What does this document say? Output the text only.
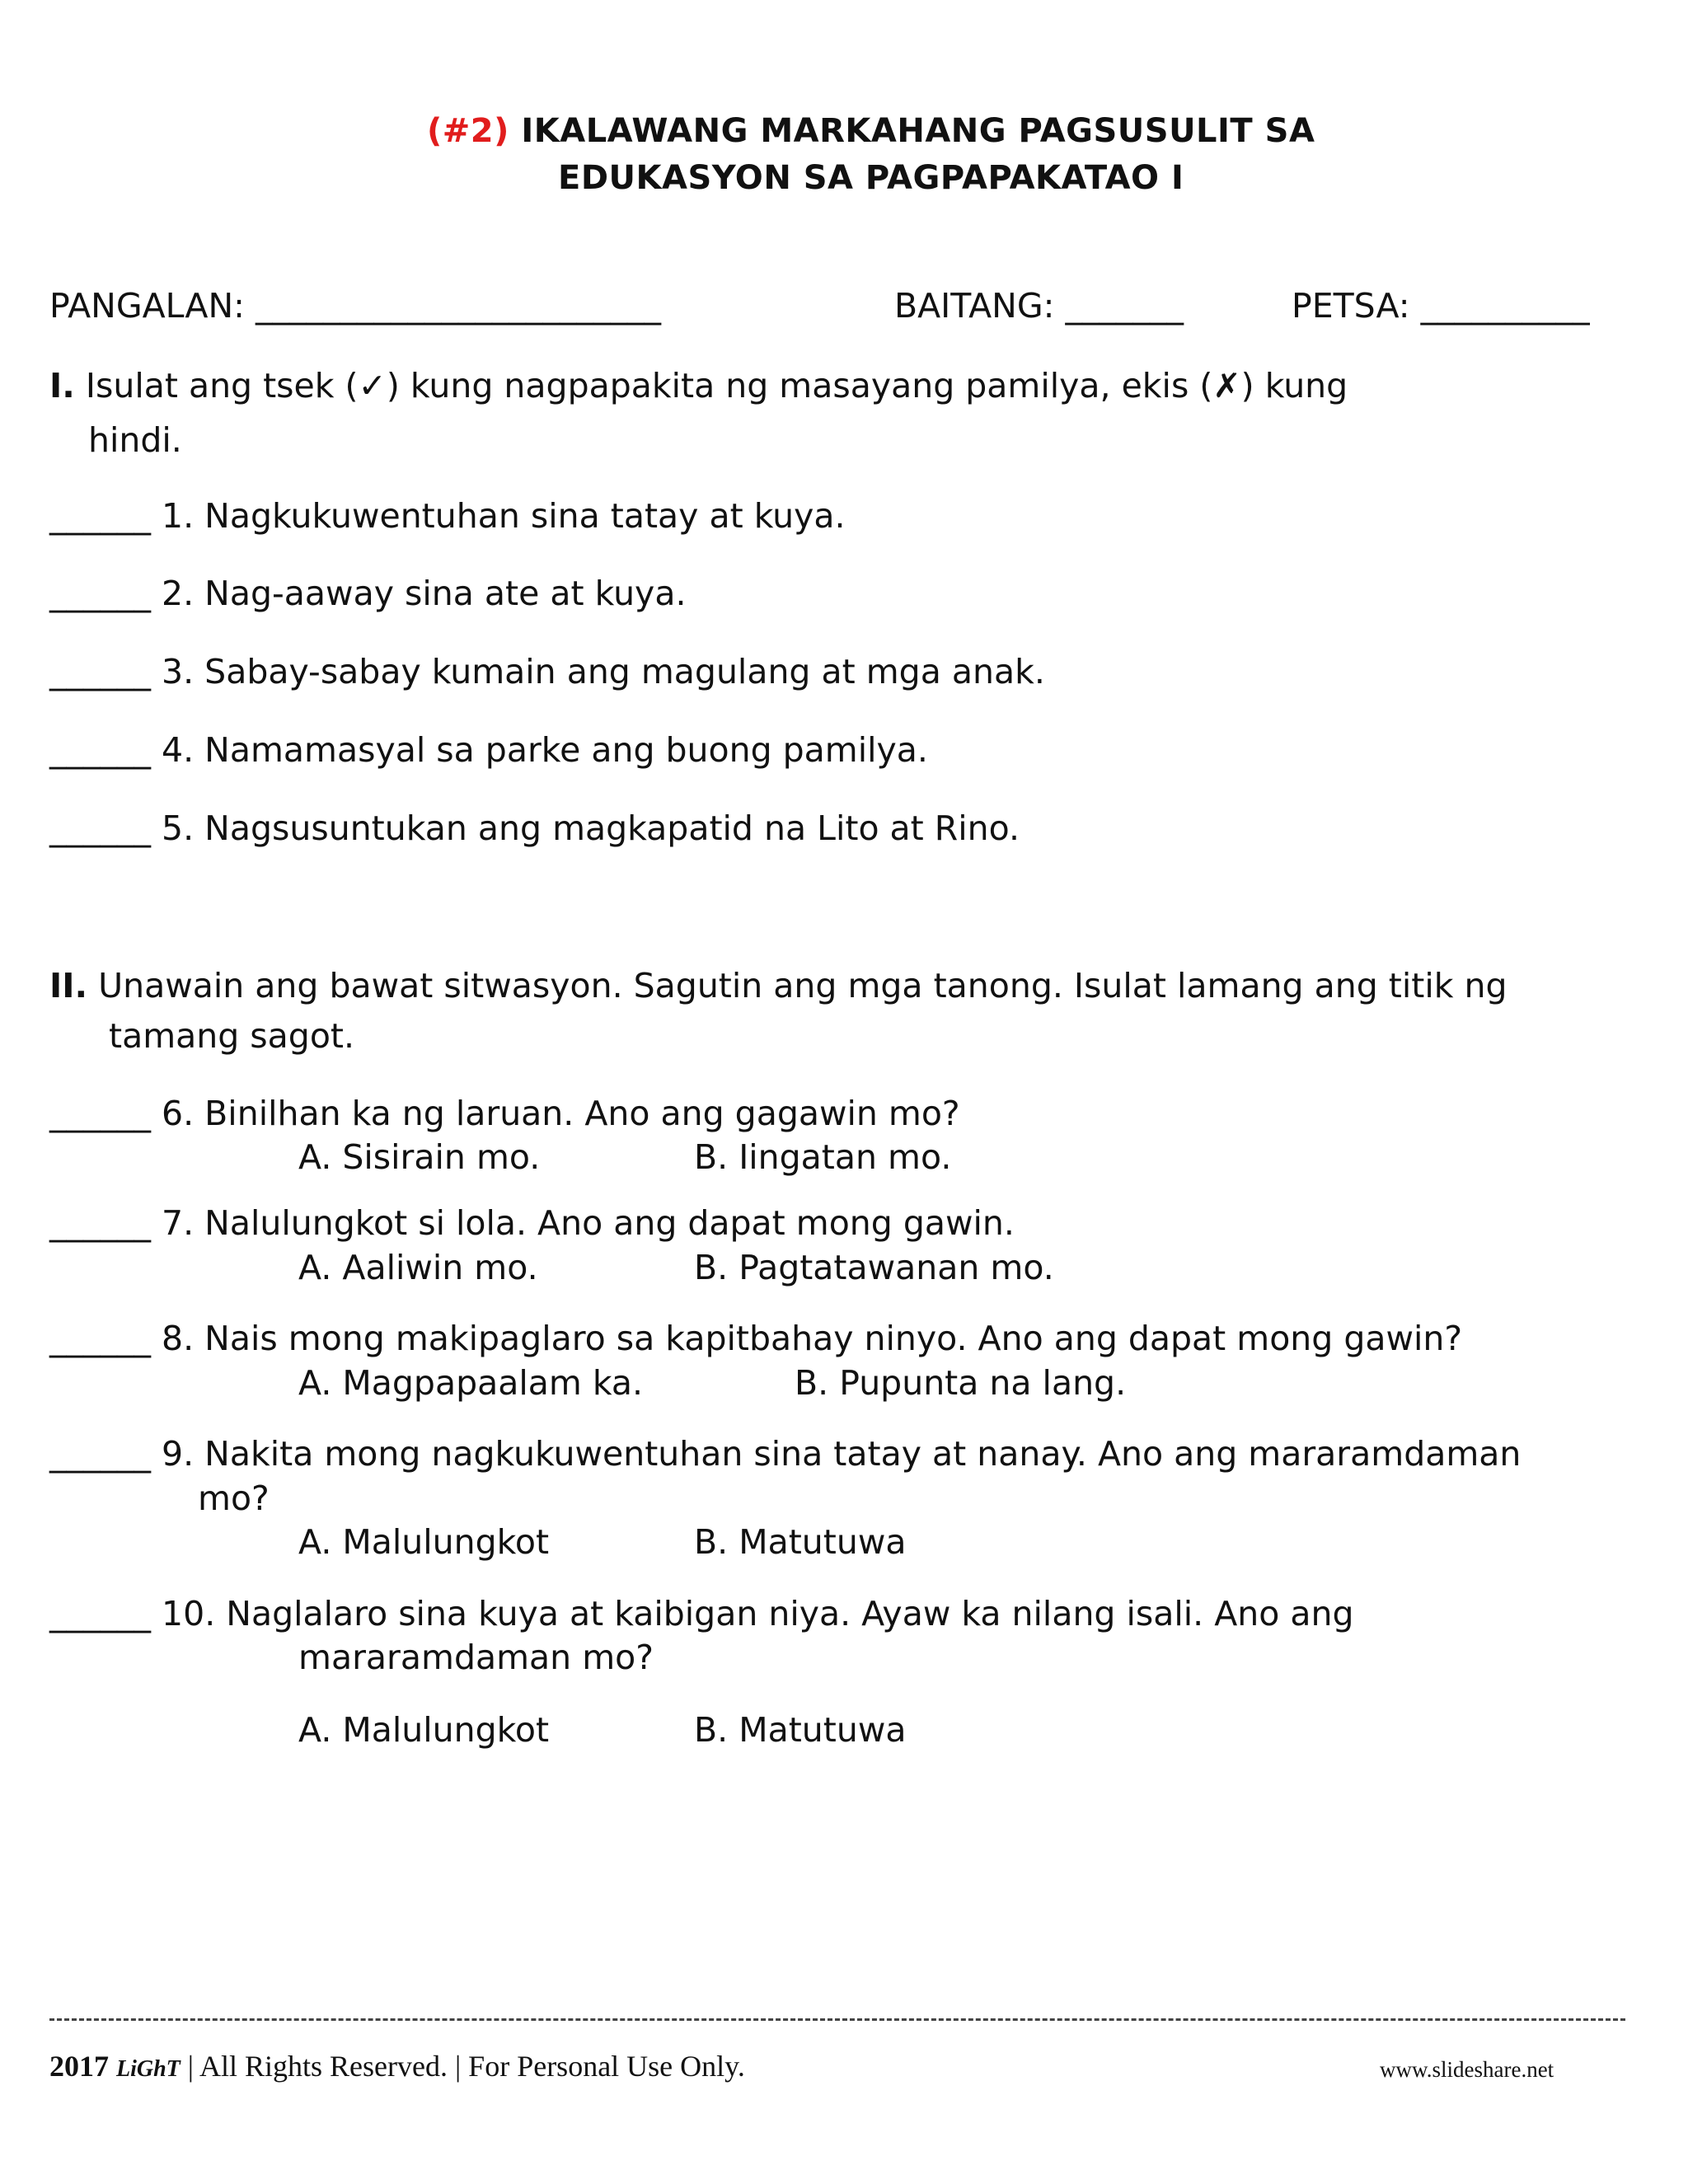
(#2) IKALAWANG MARKAHANG PAGSUSULIT SA
EDUKASYON SA PAGPAPAKATAO I
PANGALAN: ________________________	BAITANG: _______	PETSA: __________
I. Isulat ang tsek (✓) kung nagpapakita ng masayang pamilya, ekis (✗) kung
hindi.
______ 1. Nagkukuwentuhan sina tatay at kuya.
______ 2. Nag-aaway sina ate at kuya.
______ 3. Sabay-sabay kumain ang magulang at mga anak.
______ 4. Namamasyal sa parke ang buong pamilya.
______ 5. Nagsusuntukan ang magkapatid na Lito at Rino.
II. Unawain ang bawat sitwasyon. Sagutin ang mga tanong. Isulat lamang ang titik ng
tamang sagot.
______ 6. Binilhan ka ng laruan. Ano ang gagawin mo?
A. Sisirain mo.	B. Iingatan mo.
______ 7. Nalulungkot si lola. Ano ang dapat mong gawin.
A. Aaliwin mo.	B. Pagtatawanan mo.
______ 8. Nais mong makipaglaro sa kapitbahay ninyo. Ano ang dapat mong gawin?
A. Magpapaalam ka.	B. Pupunta na lang.
______ 9. Nakita mong nagkukuwentuhan sina tatay at nanay. Ano ang mararamdaman
mo?
A. Malulungkot	B. Matutuwa
______ 10. Naglalaro sina kuya at kaibigan niya. Ayaw ka nilang isali. Ano ang
mararamdaman mo?
A. Malulungkot	B. Matutuwa
2017 LiGhT | All Rights Reserved. | For Personal Use Only.	www.slideshare.net
